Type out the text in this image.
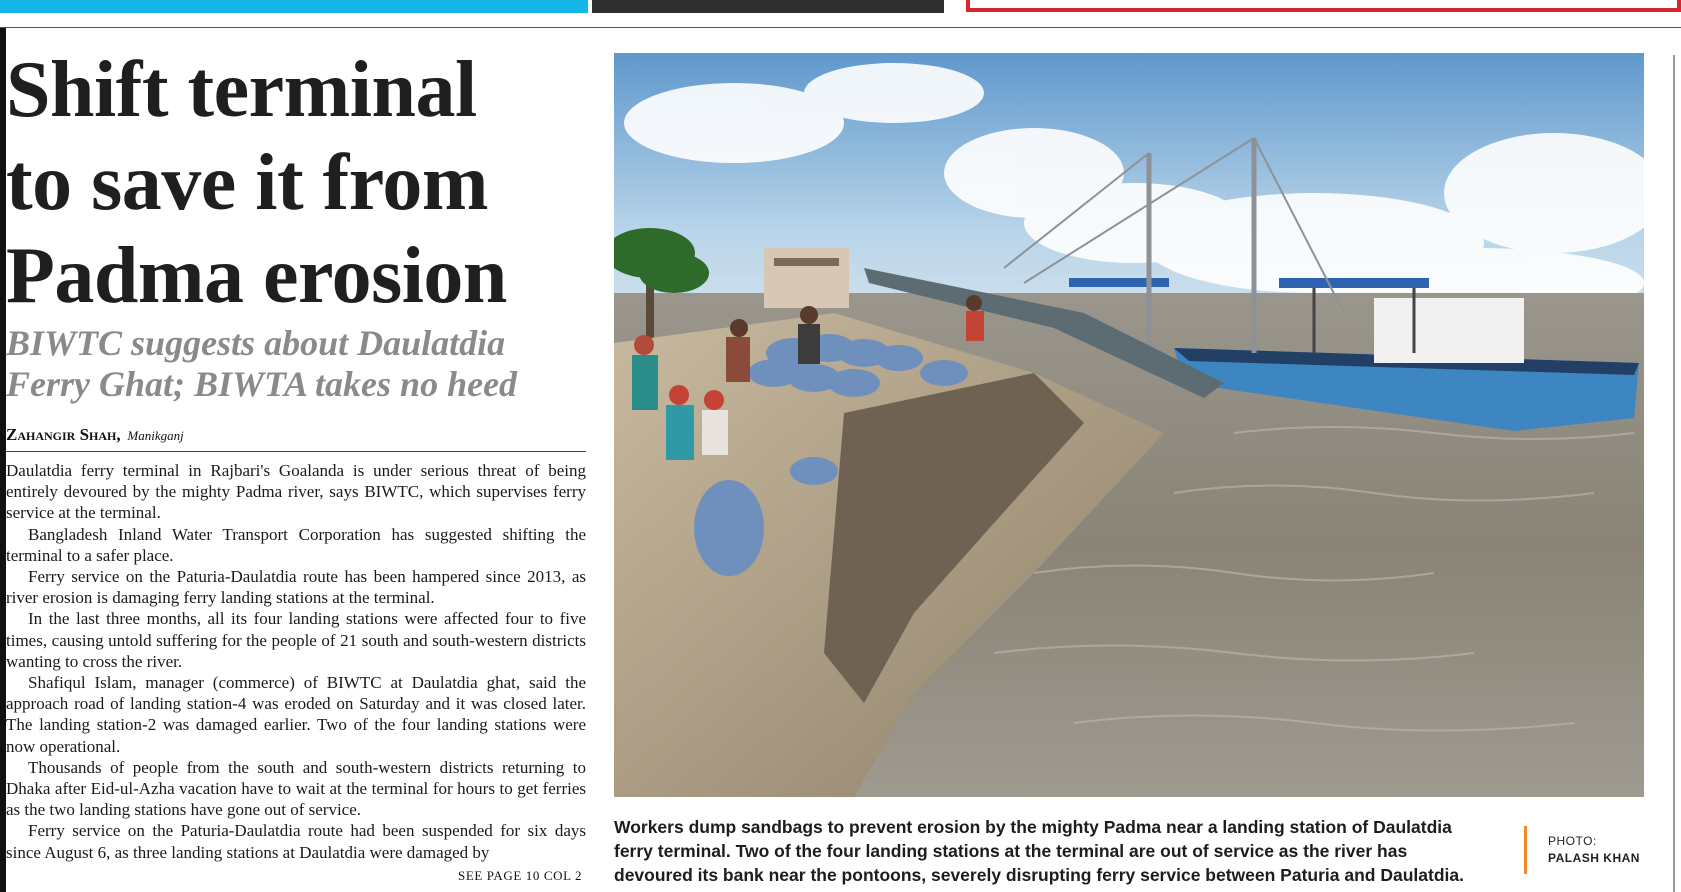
Shift terminal
to save it from
Padma erosion
BIWTC suggests about Daulatdia
Ferry Ghat; BIWTA takes no heed
Zahangir Shah, Manikganj

Daulatdia ferry terminal in Rajbari's Goalanda is under serious threat of being entirely devoured by the mighty Padma river, says BIWTC, which supervises ferry service at the terminal.

Bangladesh Inland Water Transport Corporation has suggested shifting the terminal to a safer place.

Ferry service on the Paturia-Daulatdia route has been hampered since 2013, as river erosion is damaging ferry landing stations at the terminal.

In the last three months, all its four landing stations were affected four to five times, causing untold suffering for the people of 21 south and south-western districts wanting to cross the river.

Shafiqul Islam, manager (commerce) of BIWTC at Daulatdia ghat, said the approach road of landing station-4 was eroded on Saturday and it was closed later. The landing station-2 was damaged earlier. Two of the four landing stations were now operational.

Thousands of people from the south and south-western districts returning to Dhaka after Eid-ul-Azha vacation have to wait at the terminal for hours to get ferries as the two landing stations have gone out of service.

Ferry service on the Paturia-Daulatdia route had been suspended for six days since August 6, as three landing stations at Daulatdia were damaged by

SEE PAGE 10 COL 2
Workers dump sandbags to prevent erosion by the mighty Padma near a landing station of Daulatdia ferry terminal. Two of the four landing stations at the terminal are out of service as the river has devoured its bank near the pontoons, severely disrupting ferry service between Paturia and Daulatdia.
PHOTO:
PALASH KHAN
